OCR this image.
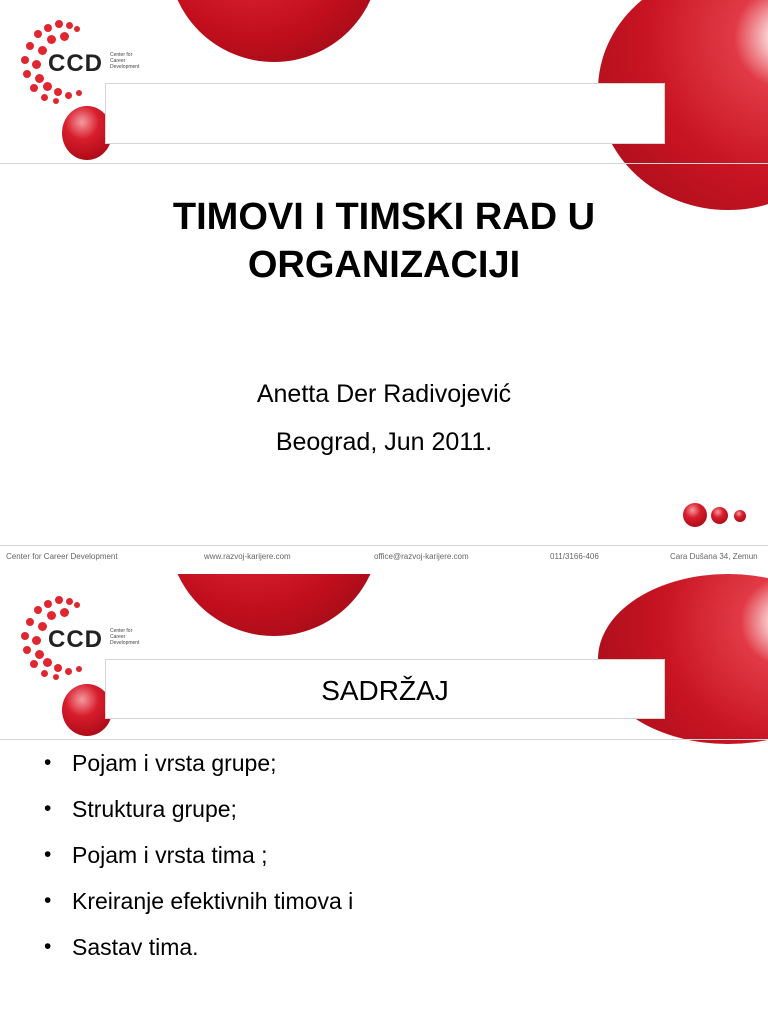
CCD Center for
Career
Development
TIMOVI I TIMSKI RAD U
ORGANIZACIJI
Anetta Der Radivojević
Beograd, Jun 2011.
Center for Career Development	www.razvoj-karijere.com	office@razvoj-karijere.com	011/3166-406	Cara Dušana 34, Zemun
CCD Center for
Career
Development
SADRŽAJ
• Pojam i vrsta grupe;
• Struktura grupe;
• Pojam i vrsta tima ;
• Kreiranje efektivnih timova i
• Sastav tima.
